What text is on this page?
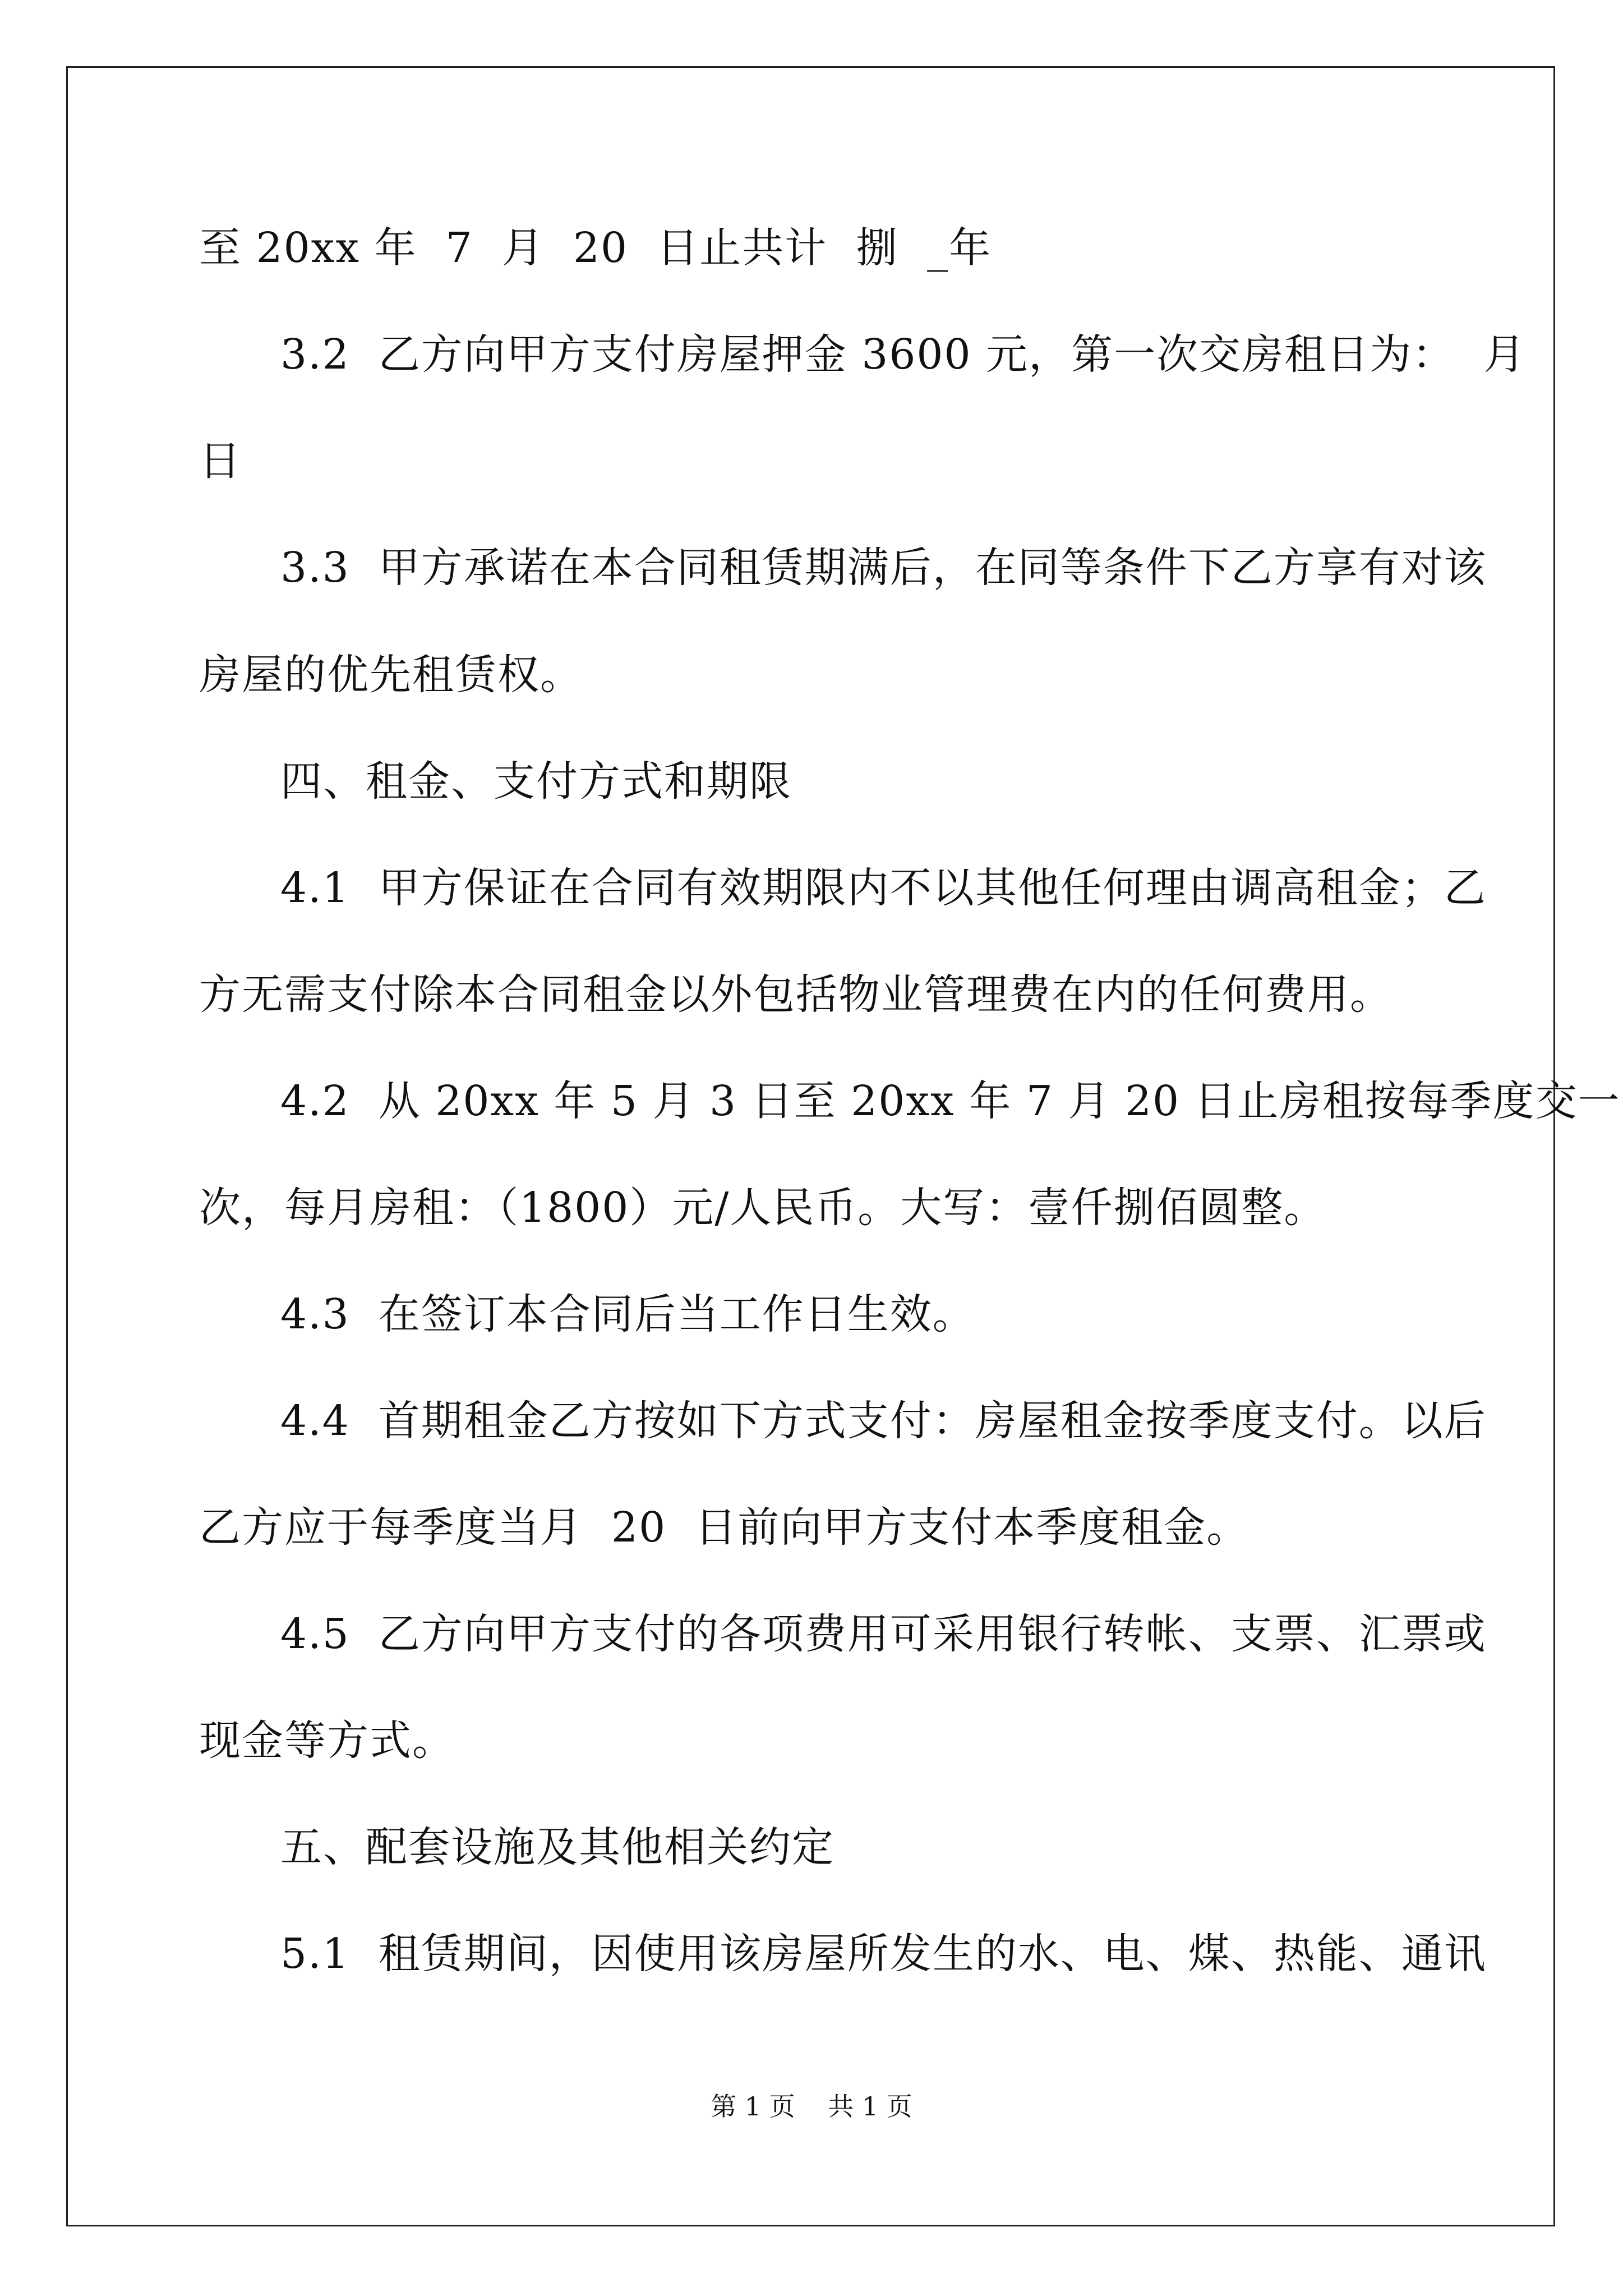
至 20xx 年  7  月  20  日止共计  捌  _年
3.2  乙方向甲方支付房屋押金 3600 元，第一次交房租日为：  月
日
3.3  甲方承诺在本合同租赁期满后，在同等条件下乙方享有对该
房屋的优先租赁权。
四、租金、支付方式和期限
4.1  甲方保证在合同有效期限内不以其他任何理由调高租金；乙
方无需支付除本合同租金以外包括物业管理费在内的任何费用。
4.2  从 20xx 年 5 月 3 日至 20xx 年 7 月 20 日止房租按每季度交一
次，每月房租：（1800）元/人民币。大写：壹仟捌佰圆整。
4.3  在签订本合同后当工作日生效。
4.4  首期租金乙方按如下方式支付：房屋租金按季度支付。以后
乙方应于每季度当月  20  日前向甲方支付本季度租金。
4.5  乙方向甲方支付的各项费用可采用银行转帐、支票、汇票或
现金等方式。
五、配套设施及其他相关约定
5.1  租赁期间，因使用该房屋所发生的水、电、煤、热能、通讯
第 1 页    共 1 页
